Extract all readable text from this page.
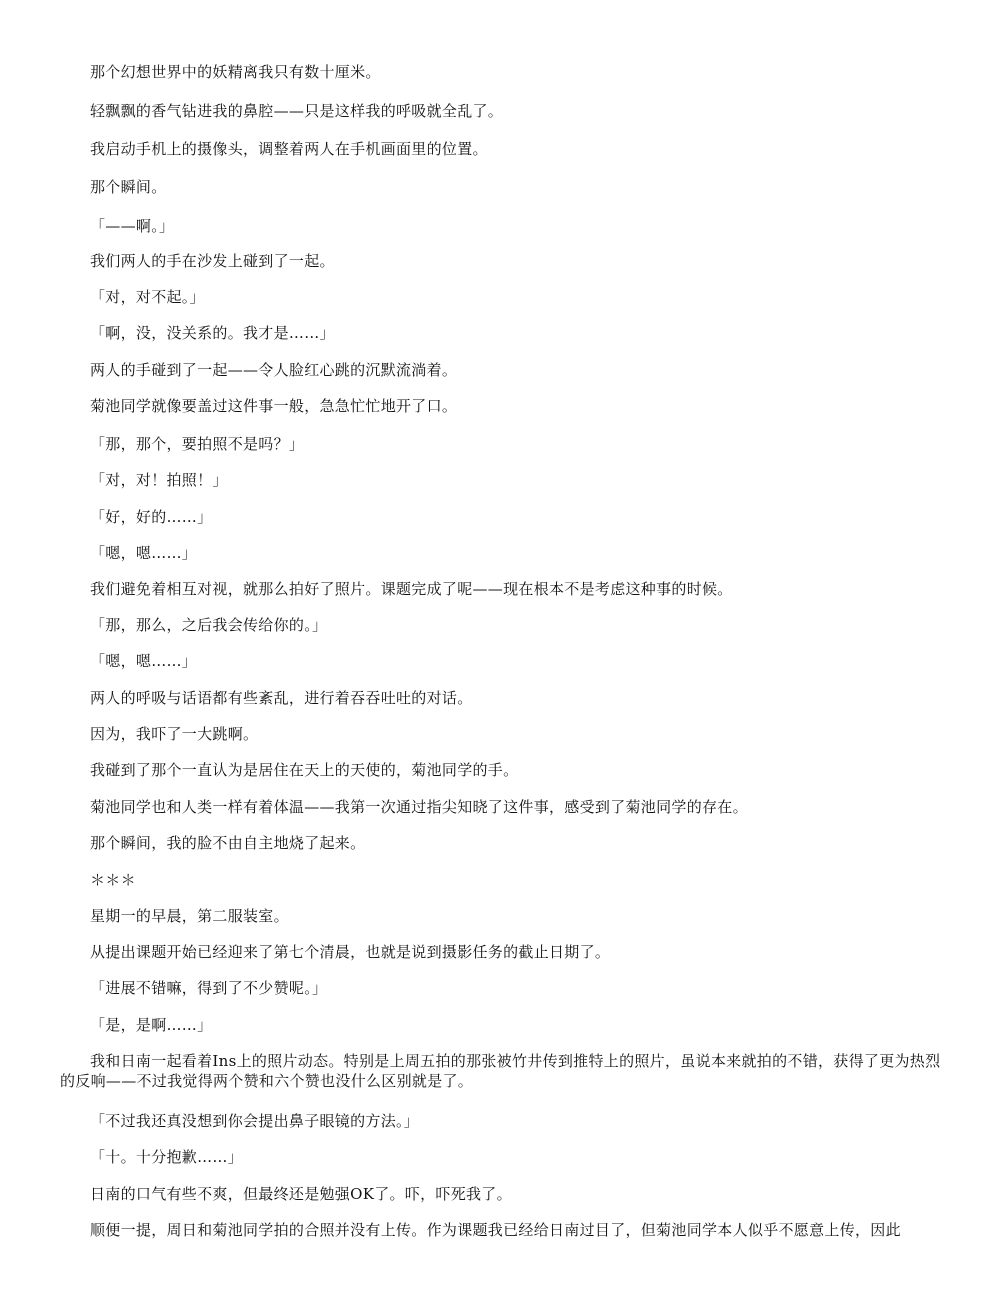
那个幻想世界中的妖精离我只有数十厘米。

轻飘飘的香气钻进我的鼻腔——只是这样我的呼吸就全乱了。

我启动手机上的摄像头，调整着两人在手机画面里的位置。

那个瞬间。

「——啊。」

我们两人的手在沙发上碰到了一起。

「对，对不起。」

「啊，没，没关系的。我才是……」

两人的手碰到了一起——令人脸红心跳的沉默流淌着。

菊池同学就像要盖过这件事一般，急急忙忙地开了口。

「那，那个，要拍照不是吗？」

「对，对！拍照！」

「好，好的……」

「嗯，嗯……」

我们避免着相互对视，就那么拍好了照片。课题完成了呢——现在根本不是考虑这种事的时候。

「那，那么，之后我会传给你的。」

「嗯，嗯……」

两人的呼吸与话语都有些紊乱，进行着吞吞吐吐的对话。

因为，我吓了一大跳啊。

我碰到了那个一直认为是居住在天上的天使的，菊池同学的手。

菊池同学也和人类一样有着体温——我第一次通过指尖知晓了这件事，感受到了菊池同学的存在。

那个瞬间，我的脸不由自主地烧了起来。

＊＊＊

星期一的早晨，第二服装室。

从提出课题开始已经迎来了第七个清晨，也就是说到摄影任务的截止日期了。

「进展不错嘛，得到了不少赞呢。」

「是，是啊……」

我和日南一起看着Ins上的照片动态。特别是上周五拍的那张被竹井传到推特上的照片，虽说本来就拍的不错，获得了更为热烈的反响——不过我觉得两个赞和六个赞也没什么区别就是了。

「不过我还真没想到你会提出鼻子眼镜的方法。」

「十。十分抱歉……」

日南的口气有些不爽，但最终还是勉强OK了。吓，吓死我了。

顺便一提，周日和菊池同学拍的合照并没有上传。作为课题我已经给日南过目了，但菊池同学本人似乎不愿意上传，因此
